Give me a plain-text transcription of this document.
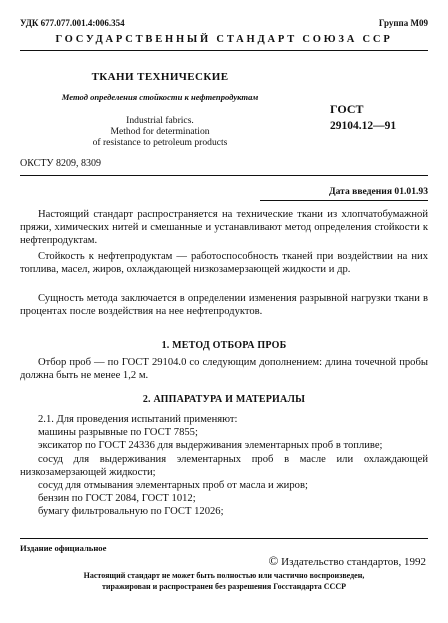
УДК 677.077.001.4:006.354	Группа М09
ГОСУДАРСТВЕННЫЙ СТАНДАРТ СОЮЗА ССР
ТКАНИ ТЕХНИЧЕСКИЕ
Метод определения стойкости к нефтепродуктам
Industrial fabrics.
Method for determination
of resistance to petroleum products
ГОСТ
29104.12—91
ОКСТУ 8209, 8309
Дата введения 01.01.93
Настоящий стандарт распространяется на технические ткани из хлопчатобумажной пряжи, химических нитей и смешанные и устанавливают метод определения стойкости к нефтепродуктам.
Стойкость к нефтепродуктам — работоспособность тканей при воздействии на них топлива, масел, жиров, охлаждающей низкозамерзающей жидкости и др.
Сущность метода заключается в определении изменения разрывной нагрузки ткани в процентах после воздействия на нее нефтепродуктов.
1. МЕТОД ОТБОРА ПРОБ
Отбор проб — по ГОСТ 29104.0 со следующим дополнением: длина точечной пробы должна быть не менее 1,2 м.
2. АППАРАТУРА И МАТЕРИАЛЫ
2.1. Для проведения испытаний применяют:
машины разрывные по ГОСТ 7855;
эксикатор по ГОСТ 24336 для выдерживания элементарных проб в топливе;
сосуд для выдерживания элементарных проб в масле или охлаждающей низкозамерзающей жидкости;
сосуд для отмывания элементарных проб от масла и жиров;
бензин по ГОСТ 2084, ГОСТ 1012;
бумагу фильтровальную по ГОСТ 12026;
Издание официальное
© Издательство стандартов, 1992
Настоящий стандарт не может быть полностью или частично воспроизведен,
тиражирован и распространен без разрешения Госстандарта СССР
